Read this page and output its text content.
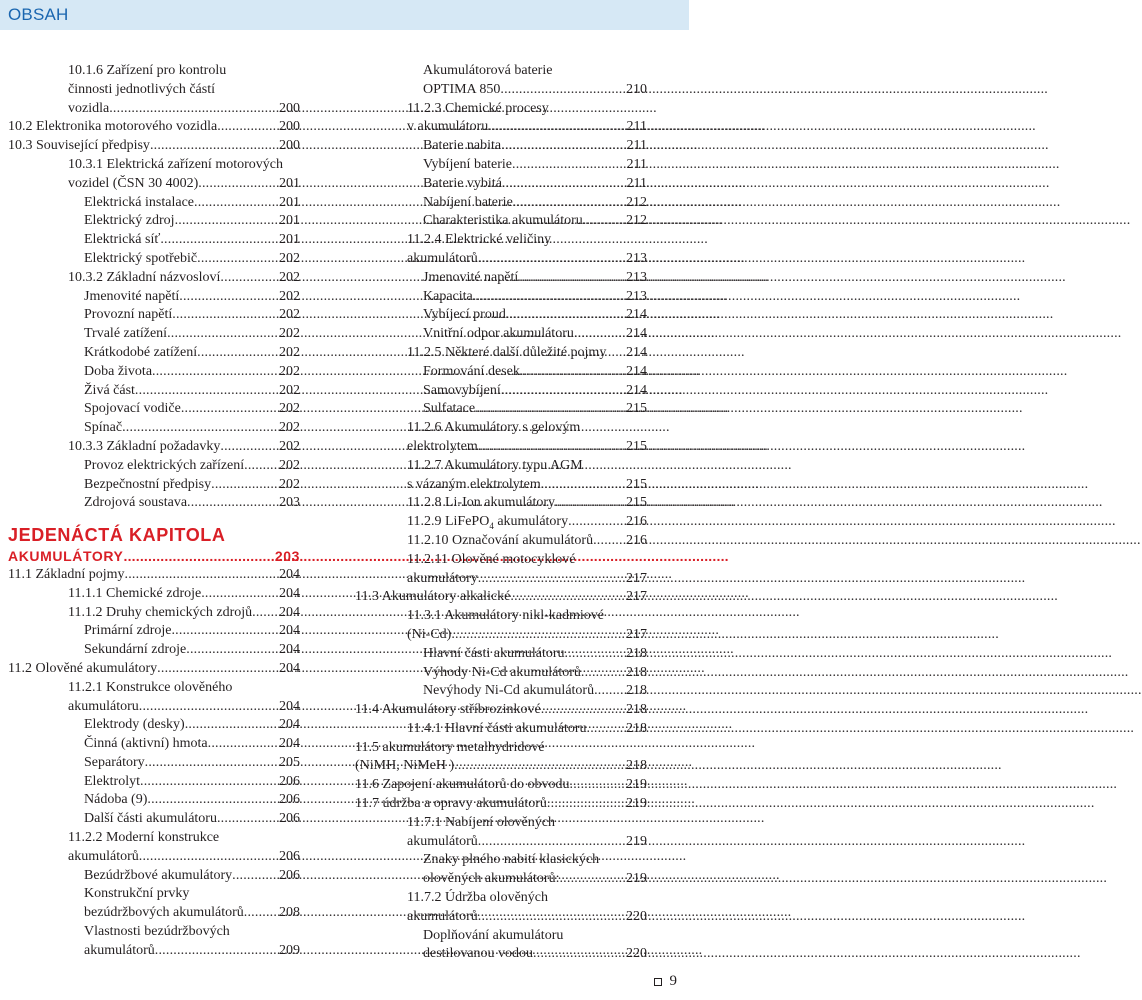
OBSAH
10.1.6 Zařízení pro kontrolu
činnosti jednotlivých částí
vozidla .....	200
10.2 Elektronika motorového vozidla .....	200
10.3 Související předpisy .....	200
10.3.1 Elektrická zařízení motorových
vozidel (ČSN 30 4002) .....	201
Elektrická instalace .....	201
Elektrický zdroj .....	201
Elektrická síť .....	201
Elektrický spotřebič .....	202
10.3.2 Základní názvosloví .....	202
Jmenovité napětí .....	202
Provozní napětí .....	202
Trvalé zatížení .....	202
Krátkodobé zatížení .....	202
Doba života .....	202
Živá část .....	202
Spojovací vodiče .....	202
Spínač .....	202
10.3.3 Základní požadavky .....	202
Provoz elektrických zařízení ..... 202
Bezpečnostní předpisy .....	202
Zdrojová soustava .....	203
JEDENÁCTÁ KAPITOLA
AKUMULÁTORY .....	203
11.1 Základní pojmy .....	204
11.1.1 Chemické zdroje .....	204
11.1.2 Druhy chemických zdrojů ..... 204
Primární zdroje .....	204
Sekundární zdroje .....	204
11.2 Olověné akumulátory .....	204
11.2.1 Konstrukce olověného
akumulátoru .....	204
Elektrody (desky) .....	204
Činná (aktivní) hmota .....	204
Separátory .....	205
Elektrolyt .....	206
Nádoba (9) .....	206
Další části akumulátoru .....	206
11.2.2 Moderní konstrukce
akumulátorů .....	206
Bezúdržbové akumulátory .....	206
Konstrukční prvky
bezúdržbových akumulátorů .....	208
Vlastnosti bezúdržbových
akumulátorů .....	209
Akumulátorová baterie
OPTIMA 850 .....	210
11.2.3 Chemické procesy
v akumulátoru .....	211
Baterie nabita .....	211
Vybíjení baterie .....	211
Baterie vybitá .....	211
Nabíjení baterie .....	212
Charakteristika akumulátoru .....	212
11.2.4 Elektrické veličiny
akumulátorů .....	213
Jmenovité napětí .....	213
Kapacita .....	213
Vybíjecí proud .....	214
Vnitřní odpor akumulátoru .....	214
11.2.5 Některé další důležité pojmy 214
Formování desek .....	214
Samovybíjení .....	214
Sulfatace .....	215
11.2.6 Akumulátory s gelovým
elektrolytem .....	215
11.2.7 Akumulátory typu AGM
s vázaným elektrolytem .....	215
11.2.8 Li-Ion akumulátory .....	215
11.2.9 LiFePO$_4$ akumulátory .....	216
11.2.10 Označování akumulátorů ..... 216
11.2.11 Olověné motocyklové
akumulátory .....	217
11.3 Akumulátory alkalické .....	217
11.3.1 Akumulátory nikl-kadmiové
(Ni-Cd) .....	217
Hlavní části akumulátoru .....	218
Výhody Ni-Cd akumulátorů .....	218
Nevýhody Ni-Cd akumulátorů ..... 218
11.4 Akumulátory stříbrozinkové .....	218
11.4.1 Hlavní části akumulátoru .....	218
11.5 akumulátory metalhydridové
(NiMH, NiMeH ) .....	218
11.6 Zapojení akumulátorů do obvodu .....	219
11.7 údržba a opravy akumulátorů .....	219
11.7.1 Nabíjení olověných
akumulátorů .....	219
Znaky plného nabití klasických
olověných akumulátorů: .....	219
11.7.2 Údržba olověných
akumulátorů .....	220
Doplňování akumulátoru
destilovanou vodou .....	220
9
